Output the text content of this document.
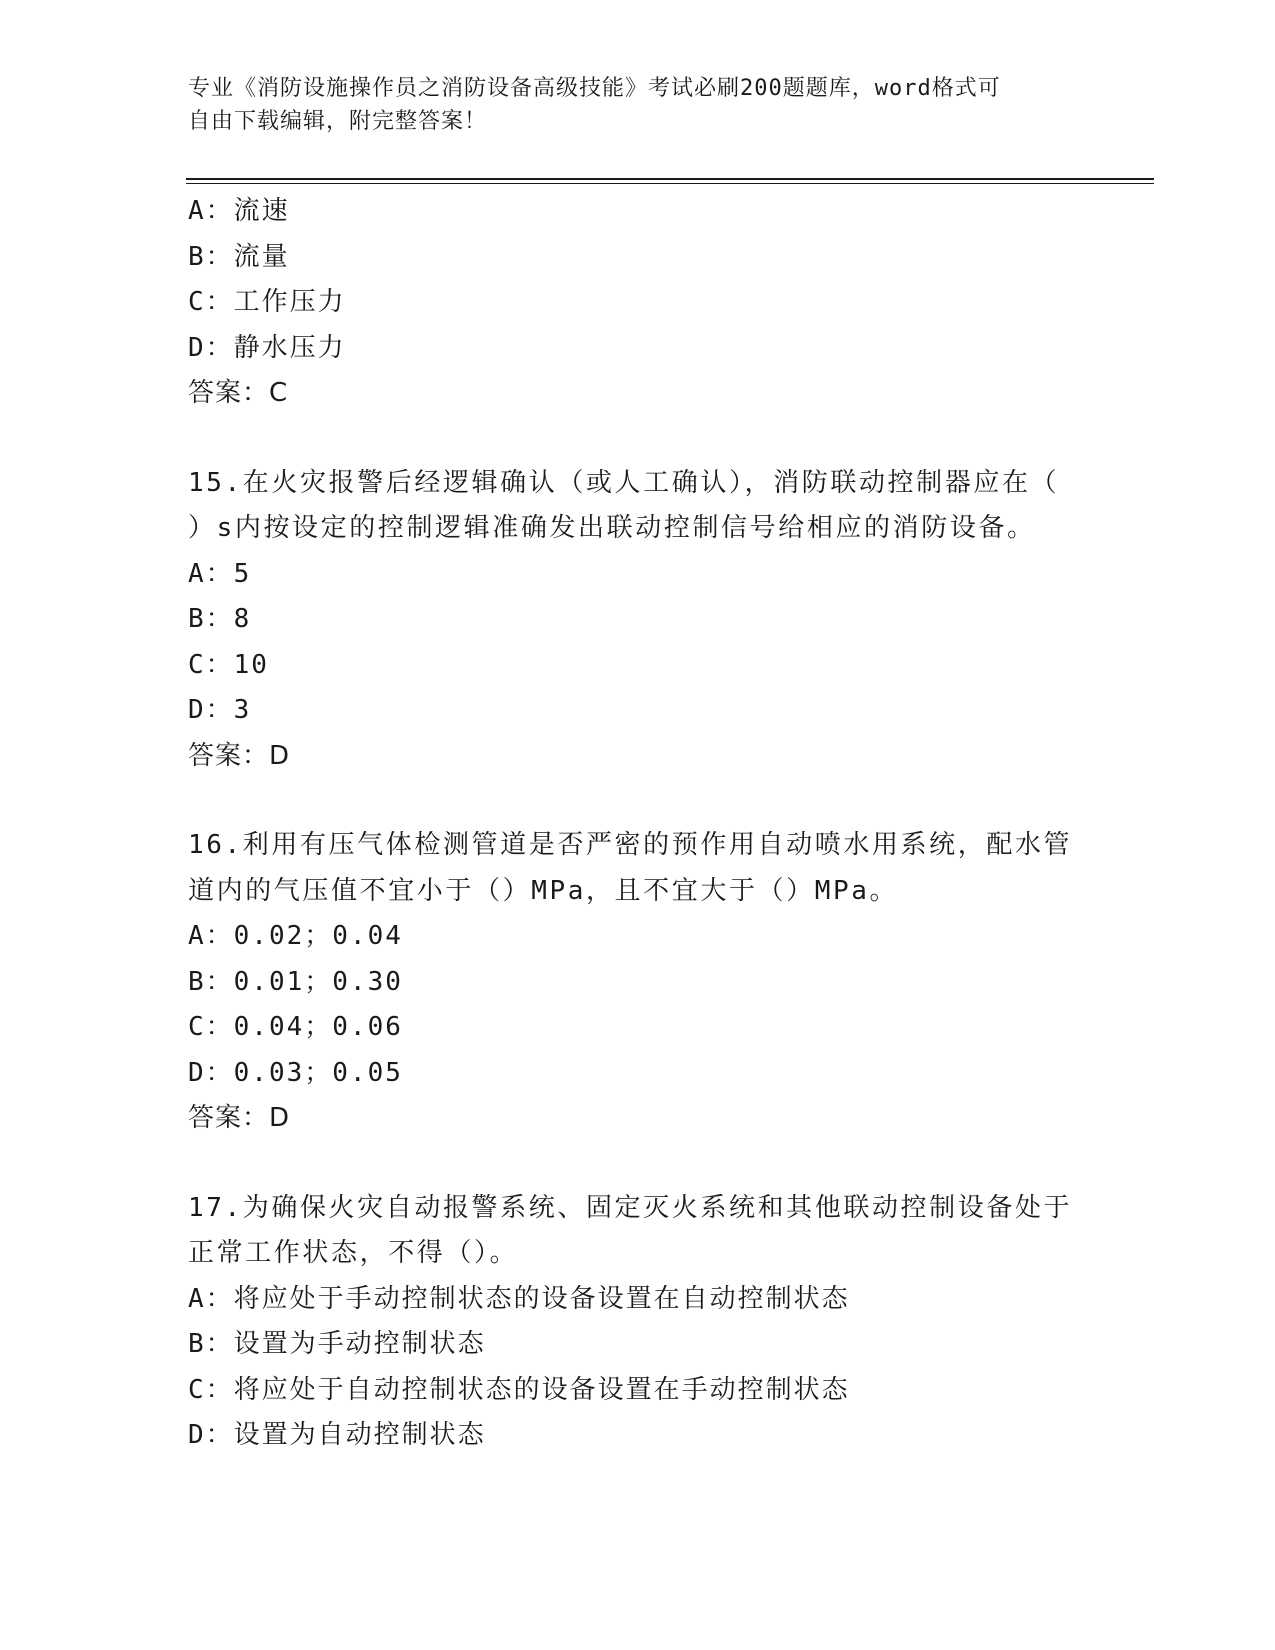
专业《消防设施操作员之消防设备高级技能》考试必刷200题题库，word格式可
自由下载编辑，附完整答案！
A：流速
B：流量
C：工作压力
D：静水压力
答案：C
15.在火灾报警后经逻辑确认（或人工确认），消防联动控制器应在（
）s内按设定的控制逻辑准确发出联动控制信号给相应的消防设备。
A：5
B：8
C：10
D：3
答案：D
16.利用有压气体检测管道是否严密的预作用自动喷水用系统，配水管
道内的气压值不宜小于（）MPa，且不宜大于（）MPa。
A：0.02；0.04
B：0.01；0.30
C：0.04；0.06
D：0.03；0.05
答案：D
17.为确保火灾自动报警系统、固定灭火系统和其他联动控制设备处于
正常工作状态，不得（）。
A：将应处于手动控制状态的设备设置在自动控制状态
B：设置为手动控制状态
C：将应处于自动控制状态的设备设置在手动控制状态
D：设置为自动控制状态
